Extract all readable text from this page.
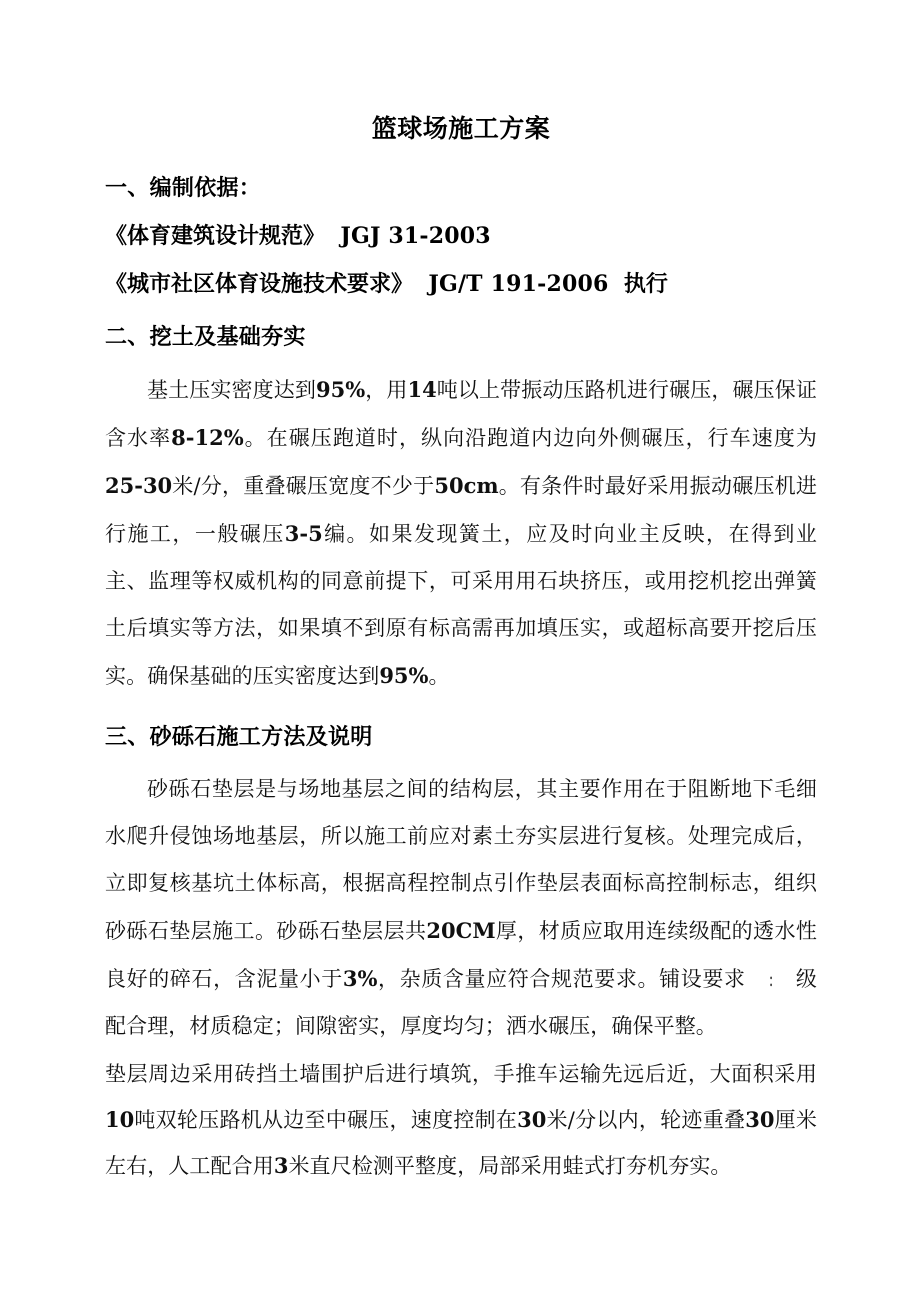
篮球场施工方案
一、编制依据：

《体育建筑设计规范》 JGJ 31-2003

《城市社区体育设施技术要求》 JG/T 191-2006 执行

二、挖土及基础夯实

基土压实密度达到95%，用14吨以上带振动压路机进行碾压，碾压保证含水率8-12%。在碾压跑道时，纵向沿跑道内边向外侧碾压，行车速度为25-30米/分，重叠碾压宽度不少于50cm。有条件时最好采用振动碾压机进行施工，一般碾压3-5编。如果发现簧土，应及时向业主反映，在得到业主、监理等权威机构的同意前提下，可采用用石块挤压，或用挖机挖出弹簧土后填实等方法，如果填不到原有标高需再加填压实，或超标高要开挖后压实。确保基础的压实密度达到95%。

三、砂砾石施工方法及说明

砂砾石垫层是与场地基层之间的结构层，其主要作用在于阻断地下毛细水爬升侵蚀场地基层，所以施工前应对素土夯实层进行复核。处理完成后，立即复核基坑土体标高，根据高程控制点引作垫层表面标高控制标志，组织砂砾石垫层施工。砂砾石垫层层共20CM厚，材质应取用连续级配的透水性良好的碎石，含泥量小于3%，杂质含量应符合规范要求。铺设要求 : 级配合理，材质稳定；间隙密实，厚度均匀；洒水碾压，确保平整。

垫层周边采用砖挡土墙围护后进行填筑，手推车运输先远后近，大面积采用10吨双轮压路机从边至中碾压，速度控制在30米/分以内，轮迹重叠30厘米左右，人工配合用3米直尺检测平整度，局部采用蛙式打夯机夯实。
